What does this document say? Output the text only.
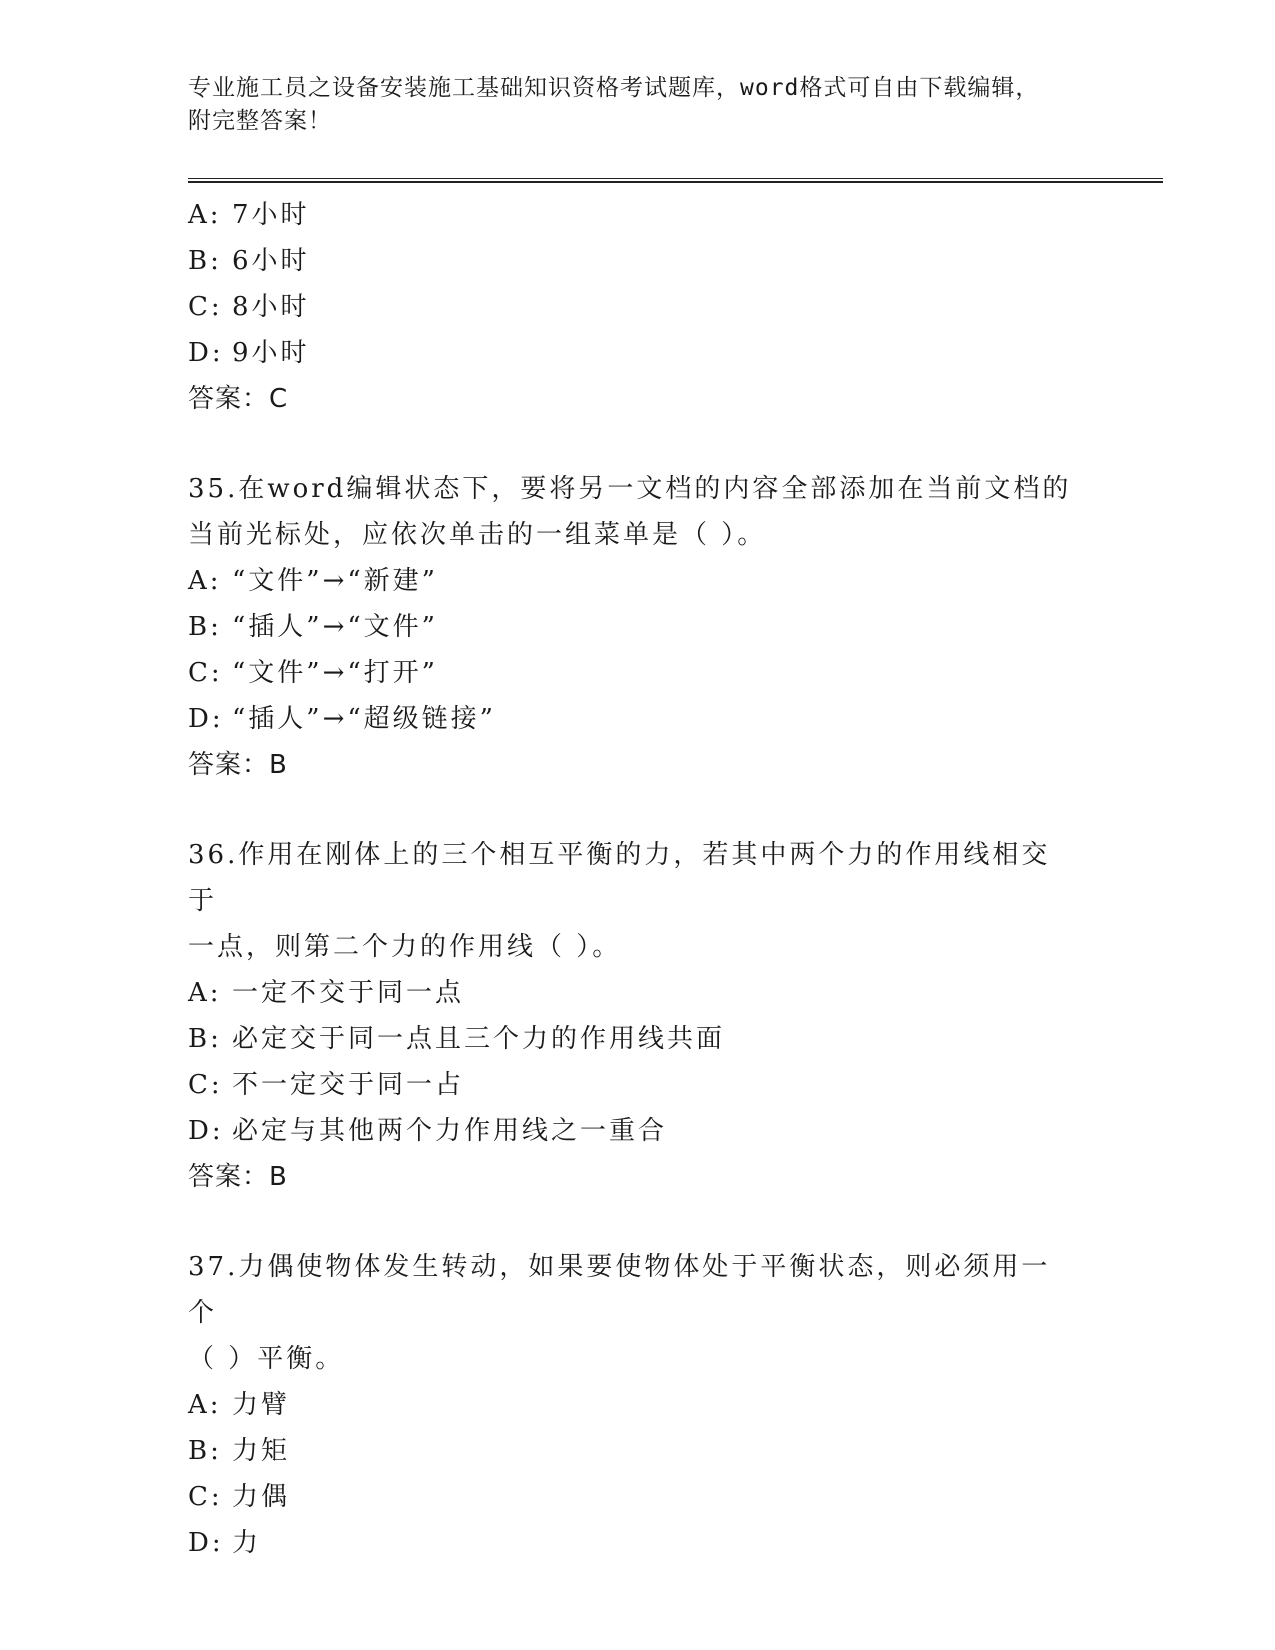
专业施工员之设备安装施工基础知识资格考试题库，word格式可自由下载编辑，
附完整答案！
A: 7小时
B: 6小时
C: 8小时
D: 9小时
答案：C
35.在word编辑状态下，要将另一文档的内容全部添加在当前文档的
当前光标处，应依次单击的一组菜单是（ ）。
A: “文件”→“新建”
B: “插人”→“文件”
C: “文件”→“打开”
D: “插人”→“超级链接”
答案：B
36.作用在刚体上的三个相互平衡的力，若其中两个力的作用线相交于
一点，则第二个力的作用线（ ）。
A: 一定不交于同一点
B: 必定交于同一点且三个力的作用线共面
C: 不一定交于同一占
D: 必定与其他两个力作用线之一重合
答案：B
37.力偶使物体发生转动，如果要使物体处于平衡状态，则必须用一个
（ ）平衡。
A: 力臂
B: 力矩
C: 力偶
D: 力
